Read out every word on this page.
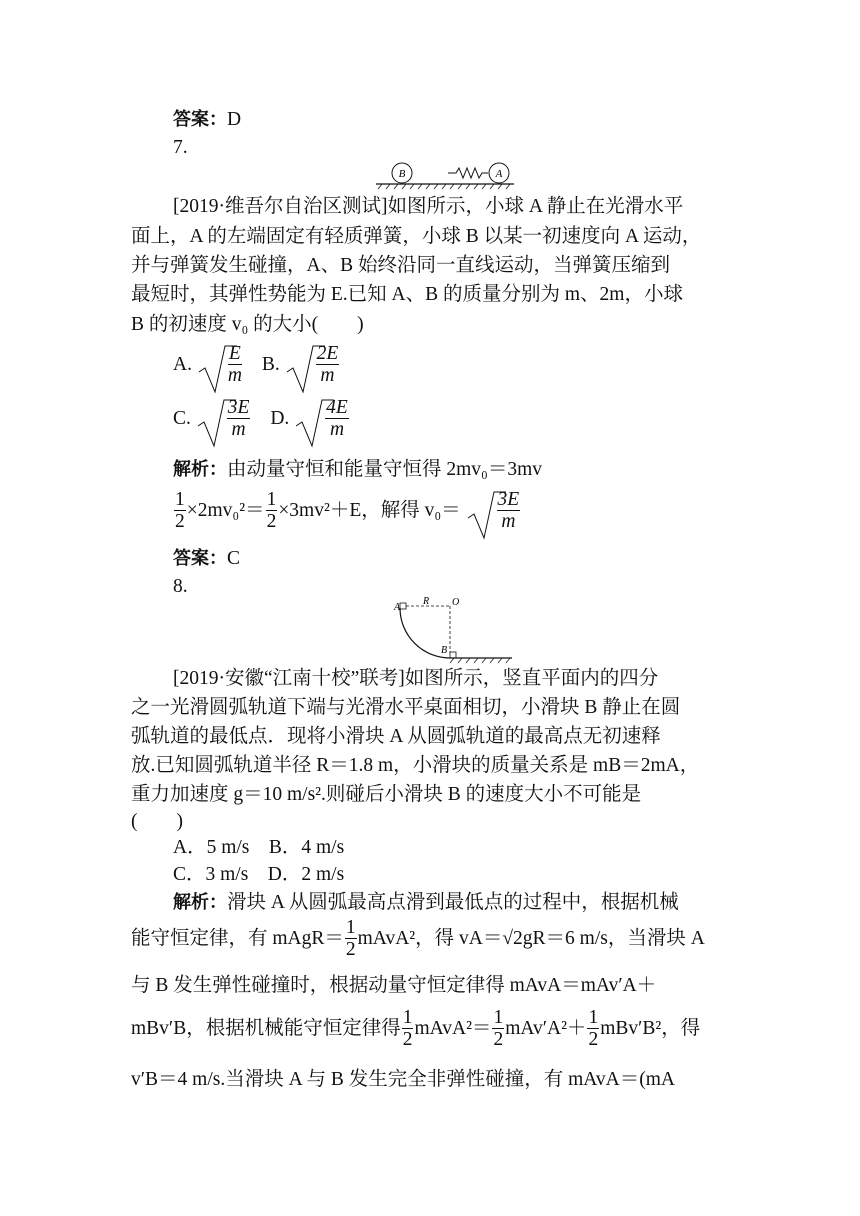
答案：D
7.
B	A
[2019·维吾尔自治区测试]如图所示，小球 A 静止在光滑水平
面上，A 的左端固定有轻质弹簧，小球 B 以某一初速度向 A 运动，
并与弹簧发生碰撞，A、B 始终沿同一直线运动，当弹簧压缩到
最短时，其弹性势能为 E.已知 A、B 的质量分别为 m、2m，小球
B 的初速度 v₀ 的大小(　　)
A. $\frac{E}{m} B$. $\frac{2E}{m}$
C. $\frac{3E}{m} D$. $\frac{4E}{m}$
解析：由动量守恒和能量守恒得 2mv₀＝3mv
$\frac{1}{2} \times 2mv_0^2= \frac{1}{2} \times 3mv^2+E$，解得 $v_0= \frac{3E}{m}$
答案：C
8.
A
R O
B
[2019·安徽“江南十校”联考]如图所示，竖直平面内的四分
之一光滑圆弧轨道下端与光滑水平桌面相切，小滑块 B 静止在圆
弧轨道的最低点．现将小滑块 A 从圆弧轨道的最高点无初速释
放.已知圆弧轨道半径 R＝1.8 m，小滑块的质量关系是 mB＝2mA，
重力加速度 g＝10 m/s².则碰后小滑块 B 的速度大小不可能是
(　　)
A．5 m/s　B．4 m/s
C．3 m/s　D．2 m/s
解析：滑块 A 从圆弧最高点滑到最低点的过程中，根据机械
能守恒定律，有 mAgR＝ $\frac{1}{2}$ mAvA²，得 vA＝√2gR＝6 m/s，当滑块 A
与 B 发生弹性碰撞时，根据动量守恒定律得 mAvA＝mAv′A＋
mBv′B，根据机械能守恒定律得 $\frac{1}{2}$ mAvA²＝ $\frac{1}{2} mAv'A^2+ \frac{1}{2} mBv'B^2$，得
v′B＝4 m/s.当滑块 A 与 B 发生完全非弹性碰撞，有 mAvA＝(mA
